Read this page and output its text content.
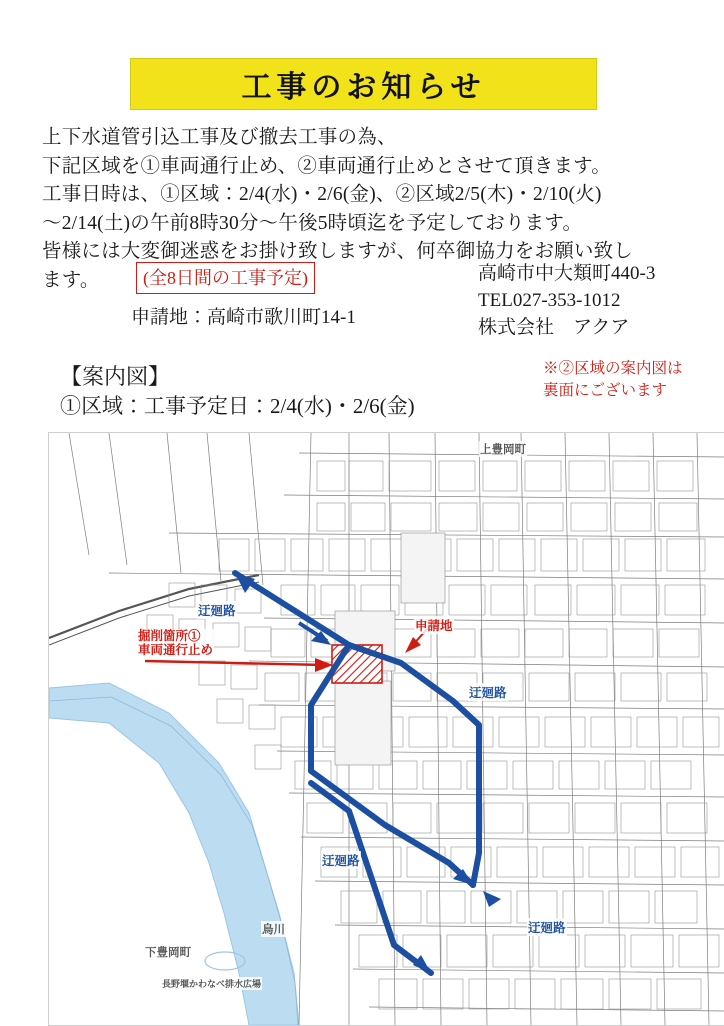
工事のお知らせ
上下水道管引込工事及び撤去工事の為、
下記区域を①車両通行止め、②車両通行止めとさせて頂きます。
工事日時は、①区域：2/4(水)・2/6(金)、②区域2/5(木)・2/10(火)
〜2/14(土)の午前8時30分〜午後5時頃迄を予定しております。
皆様には大変御迷惑をお掛け致しますが、何卒御協力をお願い致し
ます。	(全8日間の工事予定)
申請地：高崎市歌川町14-1
高崎市中大類町440-3
TEL027-353-1012
株式会社　アクア
【案内図】
①区域：工事予定日：2/4(水)・2/6(金)
※②区域の案内図は
裏面にございます
迂廻路
申請地
掘削箇所①
車両通行止め
迂廻路
迂廻路
迂廻路
上豊岡町
下豊岡町
烏川
長野堰かわなべ排水広場
